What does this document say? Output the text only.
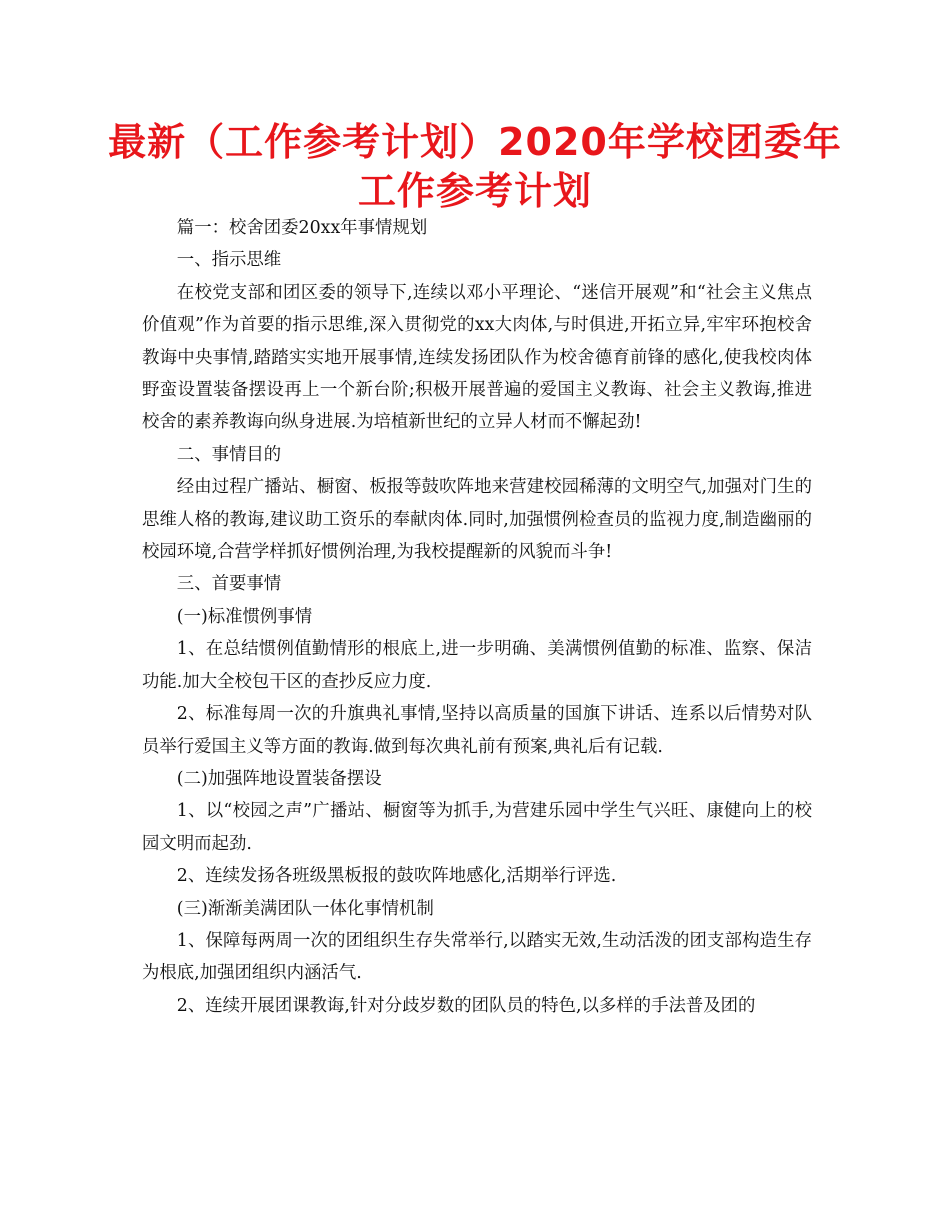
最新（工作参考计划）2020年学校团委年工作参考计划

篇一：校舍团委20xx年事情规划

一、指示思维

在校党支部和团区委的领导下,连续以邓小平理论、“迷信开展观”和“社会主义焦点价值观”作为首要的指示思维,深入贯彻党的xx大肉体,与时俱进,开拓立异,牢牢环抱校舍教诲中央事情,踏踏实实地开展事情,连续发扬团队作为校舍德育前锋的感化,使我校肉体野蛮设置装备摆设再上一个新台阶;积极开展普遍的爱国主义教诲、社会主义教诲,推进校舍的素养教诲向纵身进展.为培植新世纪的立异人材而不懈起劲!

二、事情目的

经由过程广播站、橱窗、板报等鼓吹阵地来营建校园稀薄的文明空气,加强对门生的思维人格的教诲,建议助工资乐的奉献肉体.同时,加强惯例检查员的监视力度,制造幽丽的校园环境,合营学样抓好惯例治理,为我校提醒新的风貌而斗争!

三、首要事情

(一)标准惯例事情

1、在总结惯例值勤情形的根底上,进一步明确、美满惯例值勤的标准、监察、保洁功能.加大全校包干区的查抄反应力度.

2、标准每周一次的升旗典礼事情,坚持以高质量的国旗下讲话、连系以后情势对队员举行爱国主义等方面的教诲.做到每次典礼前有预案,典礼后有记载.

(二)加强阵地设置装备摆设

1、以“校园之声”广播站、橱窗等为抓手,为营建乐园中学生气兴旺、康健向上的校园文明而起劲.

2、连续发扬各班级黑板报的鼓吹阵地感化,活期举行评选.

(三)渐渐美满团队一体化事情机制

1、保障每两周一次的团组织生存失常举行,以踏实无效,生动活泼的团支部构造生存为根底,加强团组织内涵活气.

2、连续开展团课教诲,针对分歧岁数的团队员的特色,以多样的手法普及团的
